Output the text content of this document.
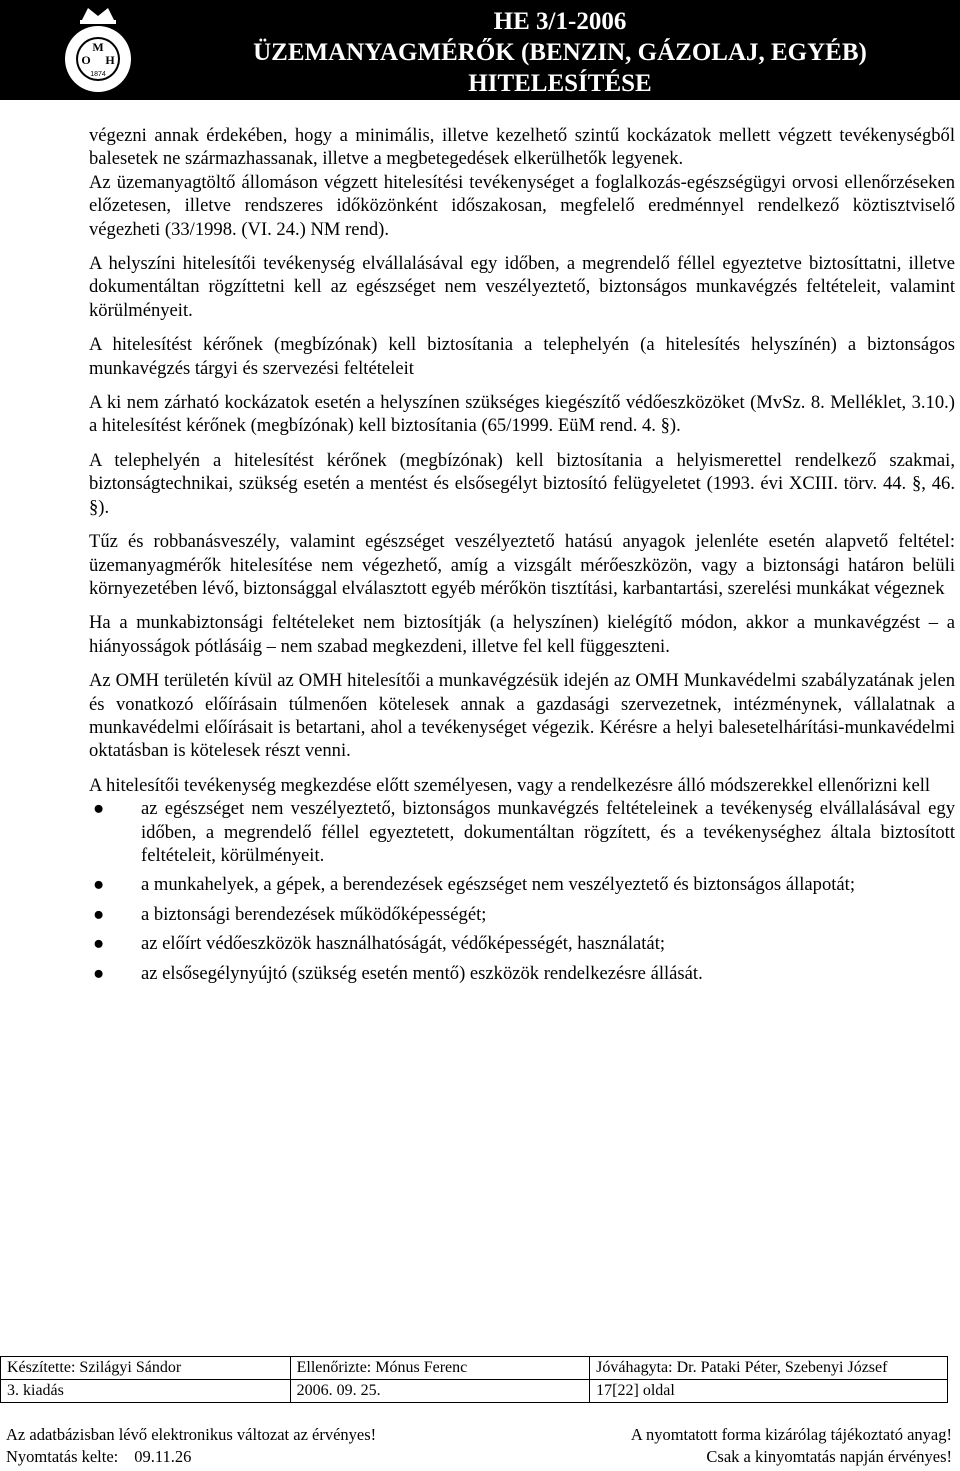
M
O H
1874
HE 3/1-2006
ÜZEMANYAGMÉRŐK (BENZIN, GÁZOLAJ, EGYÉB)
HITELESÍTÉSE

végezni annak érdekében, hogy a minimális, illetve kezelhető szintű kockázatok mellett végzett tevékenységből balesetek ne származhassanak, illetve a megbetegedések elkerülhetők legyenek.

Az üzemanyagtöltő állomáson végzett hitelesítési tevékenységet a foglalkozás-egészségügyi orvosi ellenőrzéseken előzetesen, illetve rendszeres időközönként időszakosan, megfelelő eredménnyel rendelkező köztisztviselő végezheti (33/1998. (VI. 24.) NM rend).

A helyszíni hitelesítői tevékenység elvállalásával egy időben, a megrendelő féllel egyeztetve biztosíttatni, illetve dokumentáltan rögzíttetni kell az egészséget nem veszélyeztető, biztonságos munkavégzés feltételeit, valamint körülményeit.

A hitelesítést kérőnek (megbízónak) kell biztosítania a telephelyén (a hitelesítés helyszínén) a biztonságos munkavégzés tárgyi és szervezési feltételeit

A ki nem zárható kockázatok esetén a helyszínen szükséges kiegészítő védőeszközöket (MvSz. 8. Melléklet, 3.10.) a hitelesítést kérőnek (megbízónak) kell biztosítania (65/1999. EüM rend. 4. §).

A telephelyén a hitelesítést kérőnek (megbízónak) kell biztosítania a helyismerettel rendelkező szakmai, biztonságtechnikai, szükség esetén a mentést és elsősegélyt biztosító felügyeletet (1993. évi XCIII. törv. 44. §, 46. §).

Tűz és robbanásveszély, valamint egészséget veszélyeztető hatású anyagok jelenléte esetén alapvető feltétel: üzemanyagmérők hitelesítése nem végezhető, amíg a vizsgált mérőeszközön, vagy a biztonsági határon belüli környezetében lévő, biztonsággal elválasztott egyéb mérőkön tisztítási, karbantartási, szerelési munkákat végeznek

Ha a munkabiztonsági feltételeket nem biztosítják (a helyszínen) kielégítő módon, akkor a munkavégzést – a hiányosságok pótlásáig – nem szabad megkezdeni, illetve fel kell függeszteni.

Az OMH területén kívül az OMH hitelesítői a munkavégzésük idején az OMH Munkavédelmi szabályzatának jelen és vonatkozó előírásain túlmenően kötelesek annak a gazdasági szervezetnek, intézménynek, vállalatnak a munkavédelmi előírásait is betartani, ahol a tevékenységet végezik. Kérésre a helyi balesetelhárítási-munkavédelmi oktatásban is kötelesek részt venni.

A hitelesítői tevékenység megkezdése előtt személyesen, vagy a rendelkezésre álló módszerekkel ellenőrizni kell

● az egészséget nem veszélyeztető, biztonságos munkavégzés feltételeinek a tevékenység elvállalásával egy időben, a megrendelő féllel egyeztetett, dokumentáltan rögzített, és a tevékenységhez általa biztosított feltételeit, körülményeit.
● a munkahelyek, a gépek, a berendezések egészséget nem veszélyeztető és biztonságos állapotát;
● a biztonsági berendezések működőképességét;
● az előírt védőeszközök használhatóságát, védőképességét, használatát;
● az elsősegélynyújtó (szükség esetén mentő) eszközök rendelkezésre állását.
Készítette: Szilágyi Sándor	Ellenőrizte: Mónus Ferenc	Jóváhagyta: Dr. Pataki Péter, Szebenyi József
3. kiadás	2006. 09. 25.	17[22] oldal
Az adatbázisban lévő elektronikus változat az érvényes!	A nyomtatott forma kizárólag tájékoztató anyag!
Nyomtatás kelte: 09.11.26	Csak a kinyomtatás napján érvényes!
